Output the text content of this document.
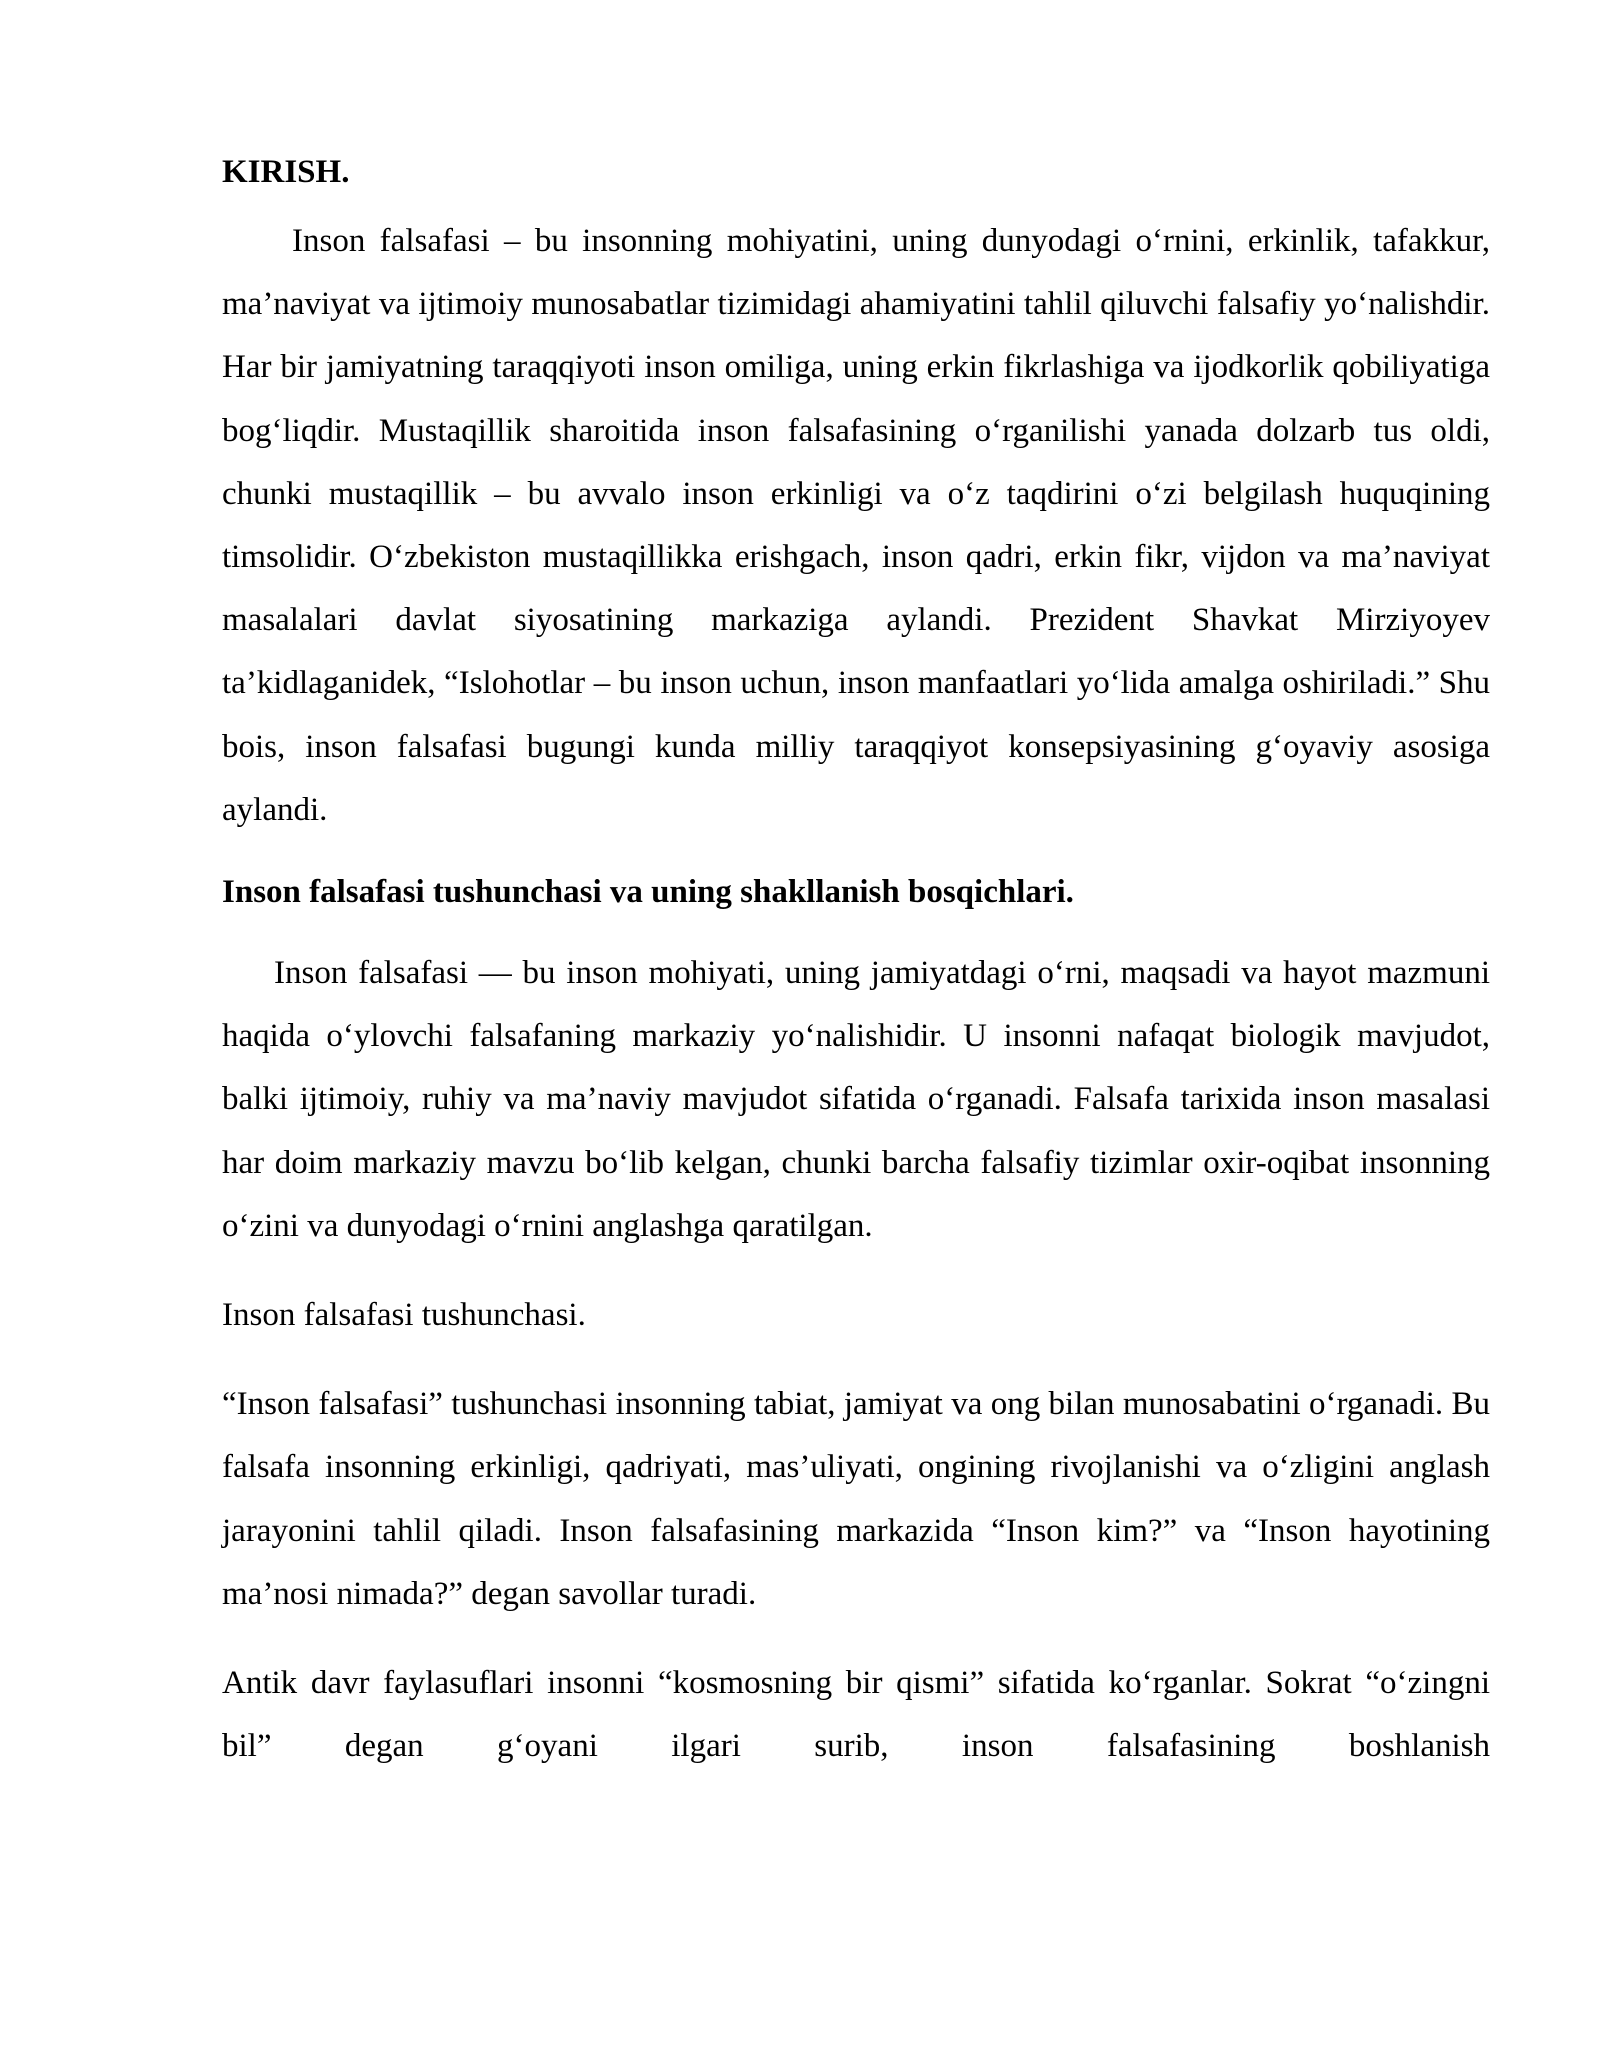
KIRISH.

Inson falsafasi – bu insonning mohiyatini, uning dunyodagi o‘rnini, erkinlik, tafakkur, ma’naviyat va ijtimoiy munosabatlar tizimidagi ahamiyatini tahlil qiluvchi falsafiy yo‘nalishdir. Har bir jamiyatning taraqqiyoti inson omiliga, uning erkin fikrlashiga va ijodkorlik qobiliyatiga bog‘liqdir. Mustaqillik sharoitida inson falsafasining o‘rganilishi yanada dolzarb tus oldi, chunki mustaqillik – bu avvalo inson erkinligi va o‘z taqdirini o‘zi belgilash huquqining timsolidir. O‘zbekiston mustaqillikka erishgach, inson qadri, erkin fikr, vijdon va ma’naviyat masalalari davlat siyosatining markaziga aylandi. Prezident Shavkat Mirziyoyev ta’kidlaganidek, “Islohotlar – bu inson uchun, inson manfaatlari yo‘lida amalga oshiriladi.” Shu bois, inson falsafasi bugungi kunda milliy taraqqiyot konsepsiyasining g‘oyaviy asosiga aylandi.

Inson falsafasi tushunchasi va uning shakllanish bosqichlari.

Inson falsafasi — bu inson mohiyati, uning jamiyatdagi o‘rni, maqsadi va hayot mazmuni haqida o‘ylovchi falsafaning markaziy yo‘nalishidir. U insonni nafaqat biologik mavjudot, balki ijtimoiy, ruhiy va ma’naviy mavjudot sifatida o‘rganadi. Falsafa tarixida inson masalasi har doim markaziy mavzu bo‘lib kelgan, chunki barcha falsafiy tizimlar oxir-oqibat insonning o‘zini va dunyodagi o‘rnini anglashga qaratilgan.

Inson falsafasi tushunchasi.

“Inson falsafasi” tushunchasi insonning tabiat, jamiyat va ong bilan munosabatini o‘rganadi. Bu falsafa insonning erkinligi, qadriyati, mas’uliyati, ongining rivojlanishi va o‘zligini anglash jarayonini tahlil qiladi. Inson falsafasining markazida “Inson kim?” va “Inson hayotining ma’nosi nimada?” degan savollar turadi.

Antik davr faylasuflari insonni “kosmosning bir qismi” sifatida ko‘rganlar. Sokrat “o‘zingni bil” degan g‘oyani ilgari surib, inson falsafasining boshlanish
